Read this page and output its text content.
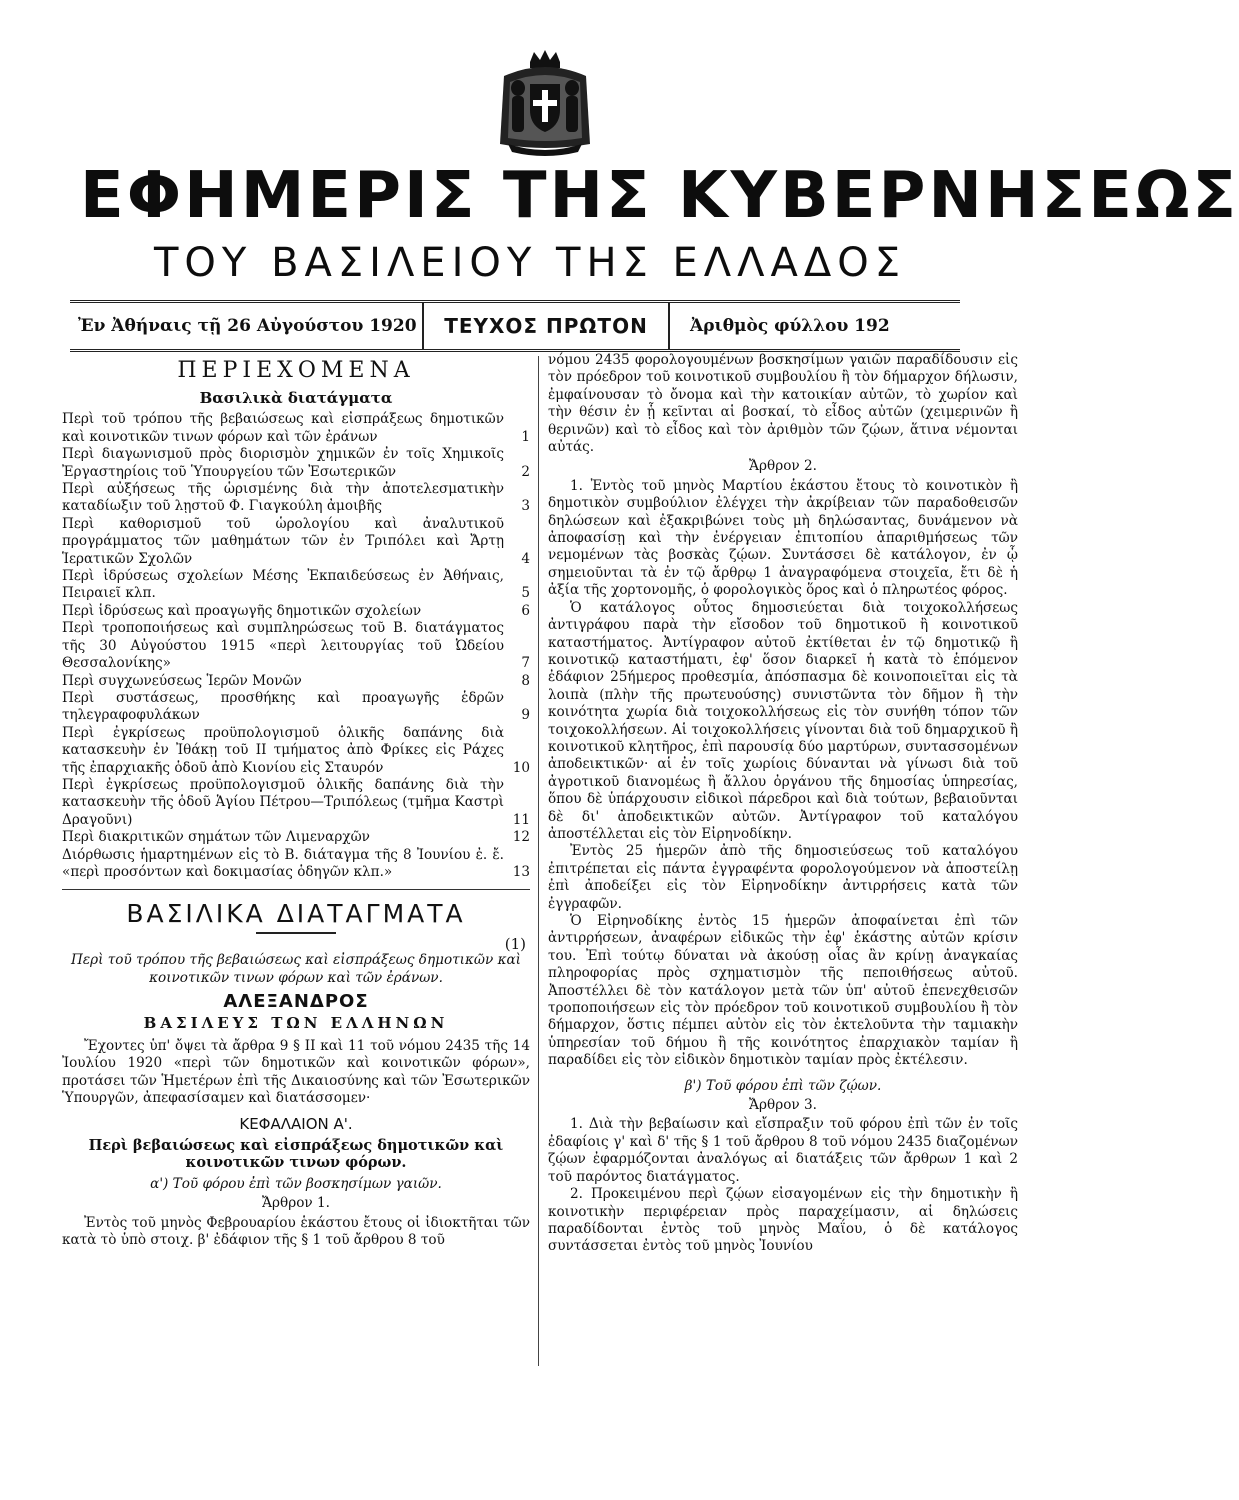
ΕΦΗΜΕΡΙΣ ΤΗΣ ΚΥΒΕΡΝΗΣΕΩΣ
ΤΟΥ ΒΑΣΙΛΕΙΟΥ ΤΗΣ ΕΛΛΑΔΟΣ
Ἐν Ἀθήναις τῇ 26 Αὐγούστου 1920	ΤΕΥΧΟΣ ΠΡΩΤΟΝ	Ἀριθμὸς φύλλου 192
ΠΕΡΙΕΧΟΜΕΝΑ
Βασιλικὰ διατάγματα
Περὶ τοῦ τρόπου τῆς βεβαιώσεως καὶ εἰσπράξεως δημοτικῶν καὶ κοινοτικῶν τινων φόρων καὶ τῶν ἐράνων	1
Περὶ διαγωνισμοῦ πρὸς διορισμὸν χημικῶν ἐν τοῖς Χημικοῖς Ἐργαστηρίοις τοῦ Ὑπουργείου τῶν Ἐσωτερικῶν	2
Περὶ αὐξήσεως τῆς ὡρισμένης διὰ τὴν ἀποτελεσματικὴν καταδίωξιν τοῦ λῃστοῦ Φ. Γιαγκούλη ἀμοιβῆς	3
Περὶ καθορισμοῦ τοῦ ὡρολογίου καὶ ἀναλυτικοῦ προγράμματος τῶν μαθημάτων τῶν ἐν Τριπόλει καὶ Ἄρτῃ Ἱερατικῶν Σχολῶν	4
Περὶ ἱδρύσεως σχολείων Μέσης Ἐκπαιδεύσεως ἐν Ἀθήναις, Πειραιεῖ κλπ.	5
Περὶ ἱδρύσεως καὶ προαγωγῆς δημοτικῶν σχολείων	6
Περὶ τροποποιήσεως καὶ συμπληρώσεως τοῦ Β. διατάγματος τῆς 30 Αὐγούστου 1915 «περὶ λειτουργίας τοῦ Ὠδείου Θεσσαλονίκης»	7
Περὶ συγχωνεύσεως Ἱερῶν Μονῶν	8
Περὶ συστάσεως, προσθήκης καὶ προαγωγῆς ἑδρῶν τηλεγραφοφυλάκων	9
Περὶ ἐγκρίσεως προϋπολογισμοῦ ὁλικῆς δαπάνης διὰ κατασκευὴν ἐν Ἰθάκῃ τοῦ ΙΙ τμήματος ἀπὸ Φρίκες εἰς Ράχες τῆς ἐπαρχιακῆς ὁδοῦ ἀπὸ Κιονίου εἰς Σταυρόν	10
Περὶ ἐγκρίσεως προϋπολογισμοῦ ὁλικῆς δαπάνης διὰ τὴν κατασκευὴν τῆς ὁδοῦ Ἁγίου Πέτρου—Τριπόλεως (τμῆμα Καστρὶ Δραγοῦνι)	11
Περὶ διακριτικῶν σημάτων τῶν Λιμεναρχῶν	12
Διόρθωσις ἡμαρτημένων εἰς τὸ Β. διάταγμα τῆς 8 Ἰουνίου ἐ. ἔ. «περὶ προσόντων καὶ δοκιμασίας ὁδηγῶν κλπ.»	13
ΒΑΣΙΛΙΚΑ ΔΙΑΤΑΓΜΑΤΑ
(1)
Περὶ τοῦ τρόπου τῆς βεβαιώσεως καὶ εἰσπράξεως δημοτικῶν καὶ κοινοτικῶν τινων φόρων καὶ τῶν ἐράνων.
ΑΛΕΞΑΝΔΡΟΣ
ΒΑΣΙΛΕΥΣ ΤΩΝ ΕΛΛΗΝΩΝ

Ἔχοντες ὑπ' ὄψει τὰ ἄρθρα 9 § ΙΙ καὶ 11 τοῦ νόμου 2435 τῆς 14 Ἰουλίου 1920 «περὶ τῶν δημοτικῶν καὶ κοινοτικῶν φόρων», προτάσει τῶν Ἡμετέρων ἐπὶ τῆς Δικαιοσύνης καὶ τῶν Ἐσωτερικῶν Ὑπουργῶν, ἀπεφασίσαμεν καὶ διατάσσομεν·

ΚΕΦΑΛΑΙΟΝ Α'.
Περὶ βεβαιώσεως καὶ εἰσπράξεως δημοτικῶν καὶ κοινοτικῶν τινων φόρων.
α') Τοῦ φόρου ἐπὶ τῶν βοσκησίμων γαιῶν.
Ἄρθρον 1.

Ἐντὸς τοῦ μηνὸς Φεβρουαρίου ἑκάστου ἔτους οἱ ἰδιοκτῆται τῶν κατὰ τὸ ὑπὸ στοιχ. β' ἐδάφιον τῆς § 1 τοῦ ἄρθρου 8 τοῦ

νόμου 2435 φορολογουμένων βοσκησίμων γαιῶν παραδίδουσιν εἰς τὸν πρόεδρον τοῦ κοινοτικοῦ συμβουλίου ἢ τὸν δήμαρχον δήλωσιν, ἐμφαίνουσαν τὸ ὄνομα καὶ τὴν κατοικίαν αὐτῶν, τὸ χωρίον καὶ τὴν θέσιν ἐν ᾗ κεῖνται αἱ βοσκαί, τὸ εἶδος αὐτῶν (χειμερινῶν ἢ θερινῶν) καὶ τὸ εἶδος καὶ τὸν ἀριθμὸν τῶν ζῴων, ἅτινα νέμονται αὐτάς.

Ἄρθρον 2.

1. Ἐντὸς τοῦ μηνὸς Μαρτίου ἑκάστου ἔτους τὸ κοινοτικὸν ἢ δημοτικὸν συμβούλιον ἐλέγχει τὴν ἀκρίβειαν τῶν παραδοθεισῶν δηλώσεων καὶ ἐξακριβώνει τοὺς μὴ δηλώσαντας, δυνάμενον νὰ ἀποφασίσῃ καὶ τὴν ἐνέργειαν ἐπιτοπίου ἀπαριθμήσεως τῶν νεμομένων τὰς βοσκὰς ζῴων. Συντάσσει δὲ κατάλογον, ἐν ᾧ σημειοῦνται τὰ ἐν τῷ ἄρθρῳ 1 ἀναγραφόμενα στοιχεῖα, ἔτι δὲ ἡ ἀξία τῆς χορτονομῆς, ὁ φορολογικὸς ὅρος καὶ ὁ πληρωτέος φόρος.

Ὁ κατάλογος οὗτος δημοσιεύεται διὰ τοιχοκολλήσεως ἀντιγράφου παρὰ τὴν εἴσοδον τοῦ δημοτικοῦ ἢ κοινοτικοῦ καταστήματος. Ἀντίγραφον αὐτοῦ ἐκτίθεται ἐν τῷ δημοτικῷ ἢ κοινοτικῷ καταστήματι, ἐφ' ὅσον διαρκεῖ ἡ κατὰ τὸ ἑπόμενον ἐδάφιον 25ήμερος προθεσμία, ἀπόσπασμα δὲ κοινοποιεῖται εἰς τὰ λοιπὰ (πλὴν τῆς πρωτευούσης) συνιστῶντα τὸν δῆμον ἢ τὴν κοινότητα χωρία διὰ τοιχοκολλήσεως εἰς τὸν συνήθη τόπον τῶν τοιχοκολλήσεων. Αἱ τοιχοκολλήσεις γίνονται διὰ τοῦ δημαρχικοῦ ἢ κοινοτικοῦ κλητῆρος, ἐπὶ παρουσίᾳ δύο μαρτύρων, συντασσομένων ἀποδεικτικῶν· αἱ ἐν τοῖς χωρίοις δύνανται νὰ γίνωσι διὰ τοῦ ἀγροτικοῦ διανομέως ἢ ἄλλου ὀργάνου τῆς δημοσίας ὑπηρεσίας, ὅπου δὲ ὑπάρχουσιν εἰδικοὶ πάρεδροι καὶ διὰ τούτων, βεβαιοῦνται δὲ δι' ἀποδεικτικῶν αὐτῶν. Ἀντίγραφον τοῦ καταλόγου ἀποστέλλεται εἰς τὸν Εἰρηνοδίκην.

Ἐντὸς 25 ἡμερῶν ἀπὸ τῆς δημοσιεύσεως τοῦ καταλόγου ἐπιτρέπεται εἰς πάντα ἐγγραφέντα φορολογούμενον νὰ ἀποστείλῃ ἐπὶ ἀποδείξει εἰς τὸν Εἰρηνοδίκην ἀντιρρήσεις κατὰ τῶν ἐγγραφῶν.

Ὁ Εἰρηνοδίκης ἐντὸς 15 ἡμερῶν ἀποφαίνεται ἐπὶ τῶν ἀντιρρήσεων, ἀναφέρων εἰδικῶς τὴν ἐφ' ἑκάστης αὐτῶν κρίσιν του. Ἐπὶ τούτῳ δύναται νὰ ἀκούσῃ οἷας ἂν κρίνῃ ἀναγκαίας πληροφορίας πρὸς σχηματισμὸν τῆς πεποιθήσεως αὐτοῦ. Ἀποστέλλει δὲ τὸν κατάλογον μετὰ τῶν ὑπ' αὐτοῦ ἐπενεχθεισῶν τροποποιήσεων εἰς τὸν πρόεδρον τοῦ κοινοτικοῦ συμβουλίου ἢ τὸν δήμαρχον, ὅστις πέμπει αὐτὸν εἰς τὸν ἐκτελοῦντα τὴν ταμιακὴν ὑπηρεσίαν τοῦ δήμου ἢ τῆς κοινότητος ἐπαρχιακὸν ταμίαν ἢ παραδίδει εἰς τὸν εἰδικὸν δημοτικὸν ταμίαν πρὸς ἐκτέλεσιν.

β') Τοῦ φόρου ἐπὶ τῶν ζῴων.
Ἄρθρον 3.

1. Διὰ τὴν βεβαίωσιν καὶ εἴσπραξιν τοῦ φόρου ἐπὶ τῶν ἐν τοῖς ἐδαφίοις γ' καὶ δ' τῆς § 1 τοῦ ἄρθρου 8 τοῦ νόμου 2435 διαζομένων ζῴων ἐφαρμόζονται ἀναλόγως αἱ διατάξεις τῶν ἄρθρων 1 καὶ 2 τοῦ παρόντος διατάγματος.

2. Προκειμένου περὶ ζῴων εἰσαγομένων εἰς τὴν δημοτικὴν ἢ κοινοτικὴν περιφέρειαν πρὸς παραχείμασιν, αἱ δηλώσεις παραδίδονται ἐντὸς τοῦ μηνὸς Μαΐου, ὁ δὲ κατάλογος συντάσσεται ἐντὸς τοῦ μηνὸς Ἰουνίου
